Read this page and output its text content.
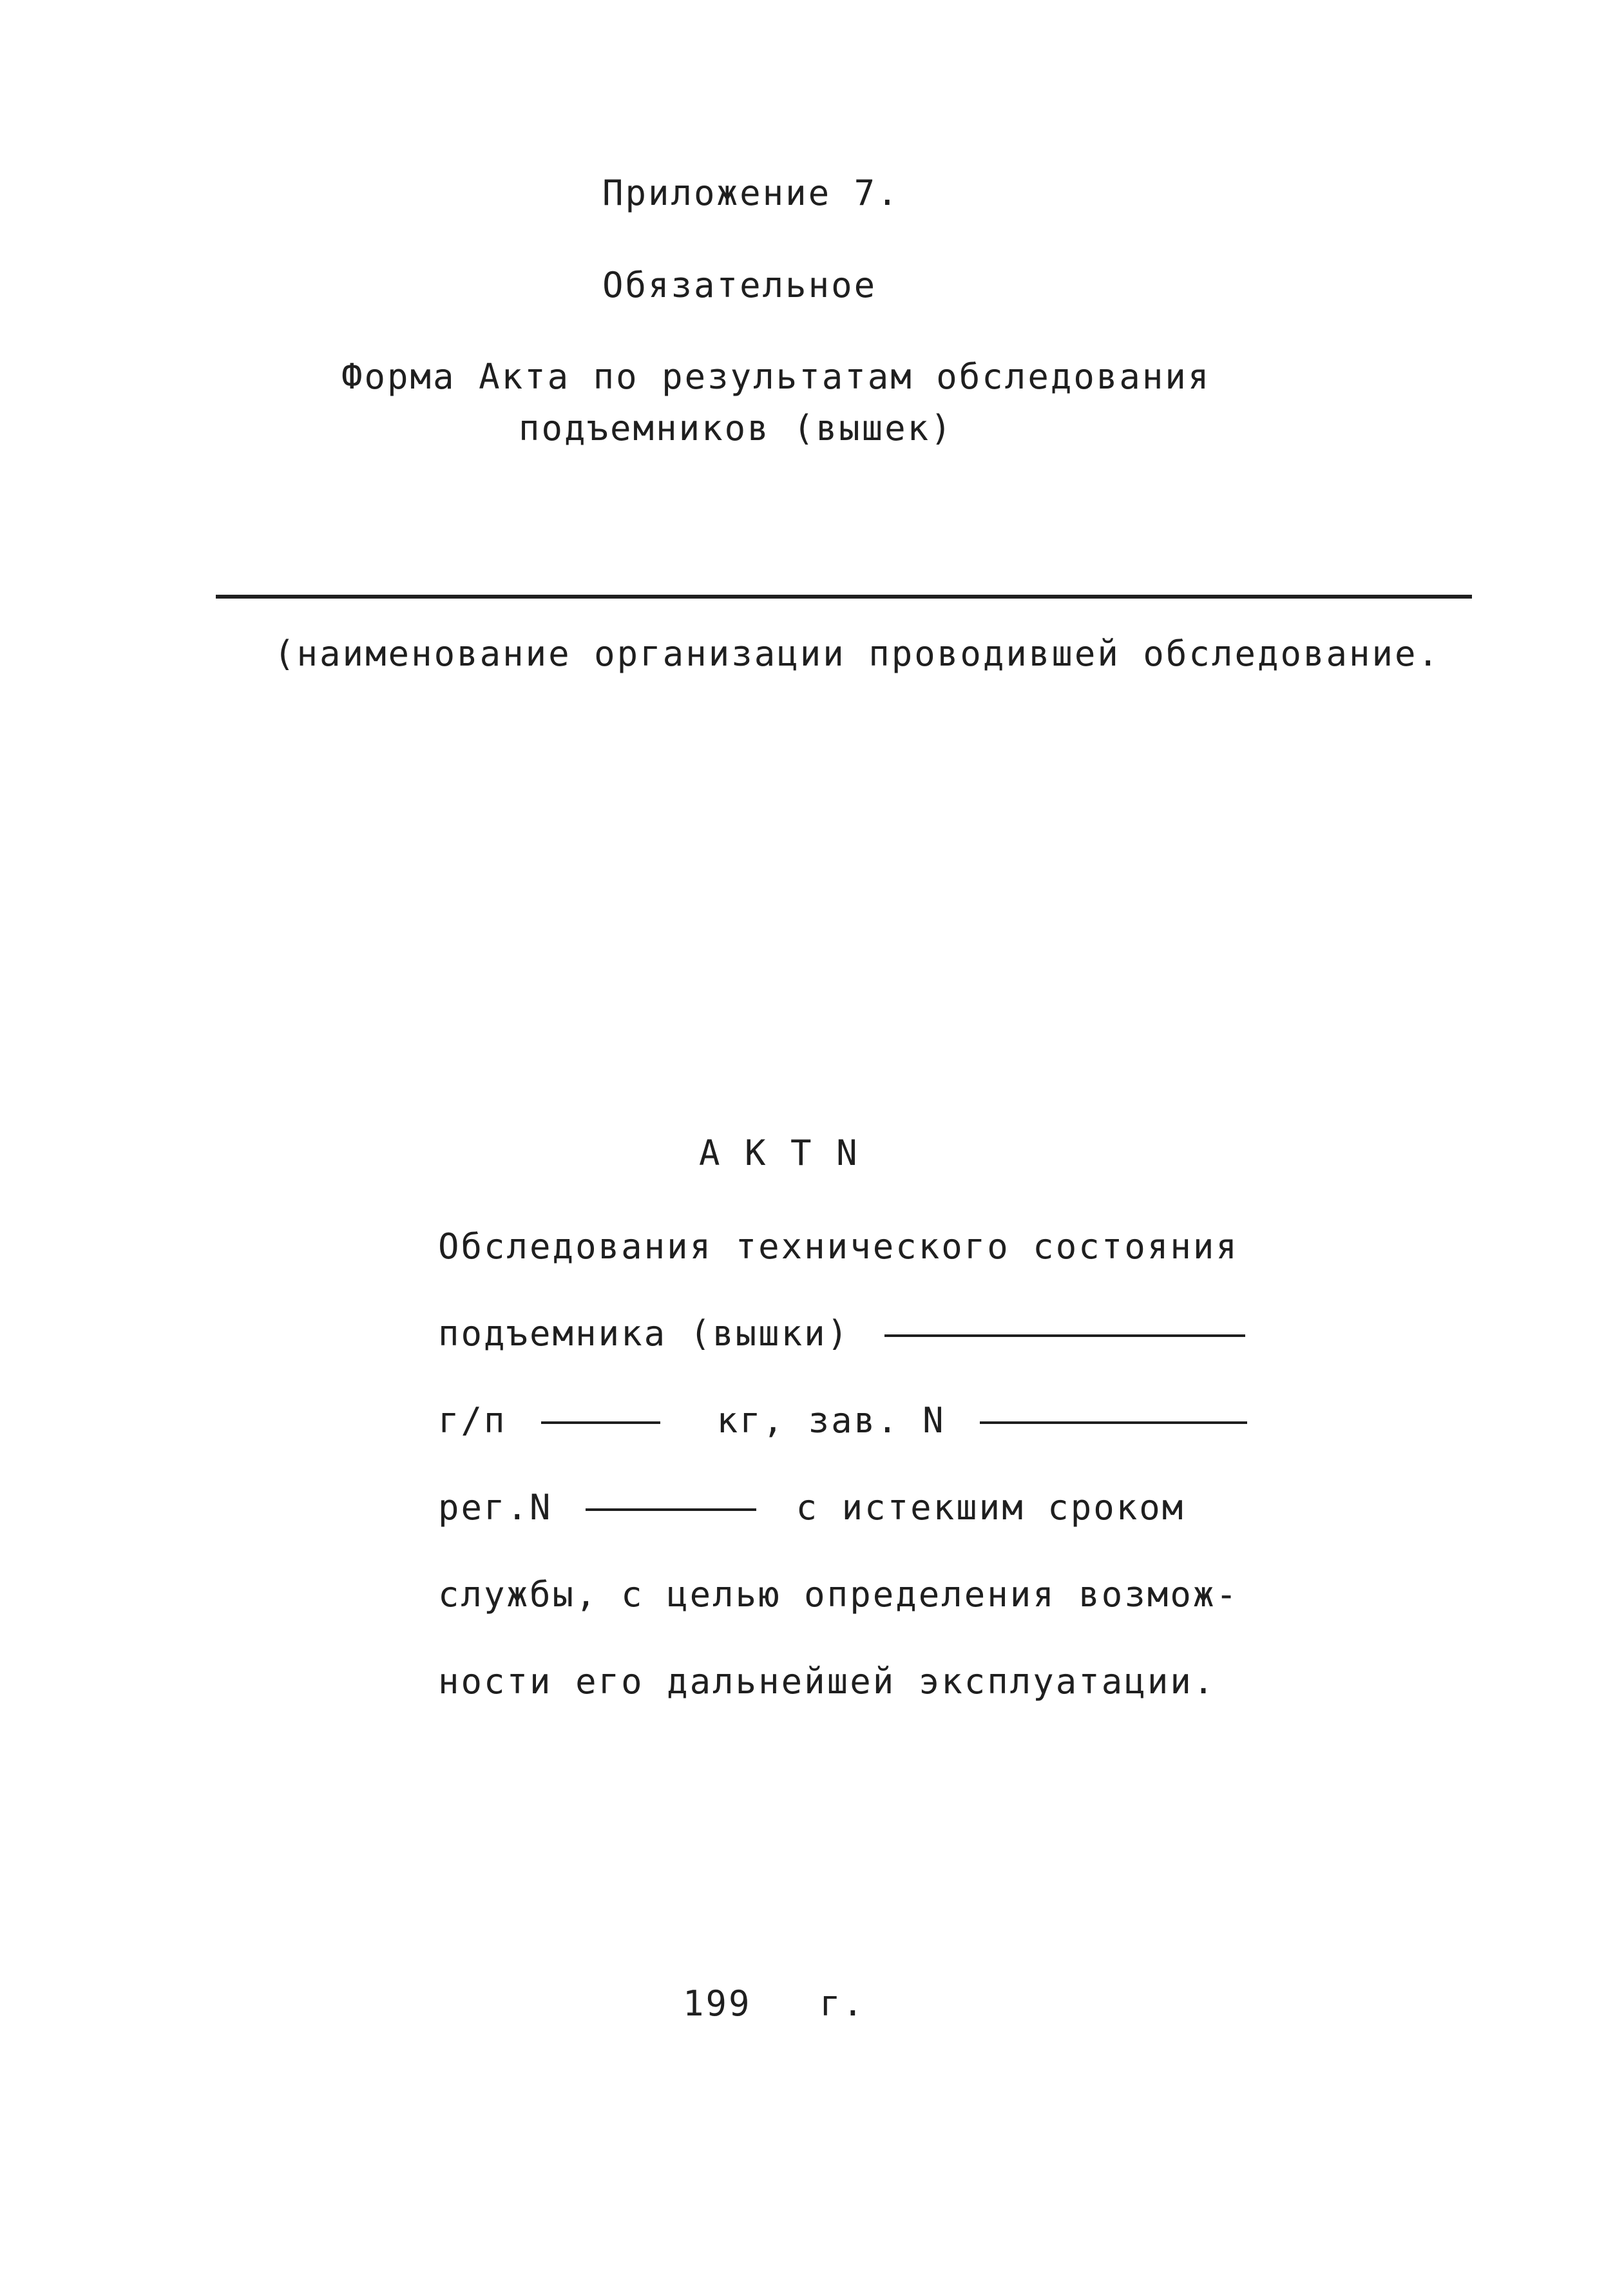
Приложение 7.
Обязательное
Форма Акта по результатам обследования
подъемников (вышек)
(наименование организации проводившей обследование.
А К Т N
Обследования технического состояния
подъемника (вышки)
г/п	кг, зав. N
рег.N	с истекшим сроком
службы, с целью определения возмож-
ности его дальнейшей эксплуатации.
199 г.
